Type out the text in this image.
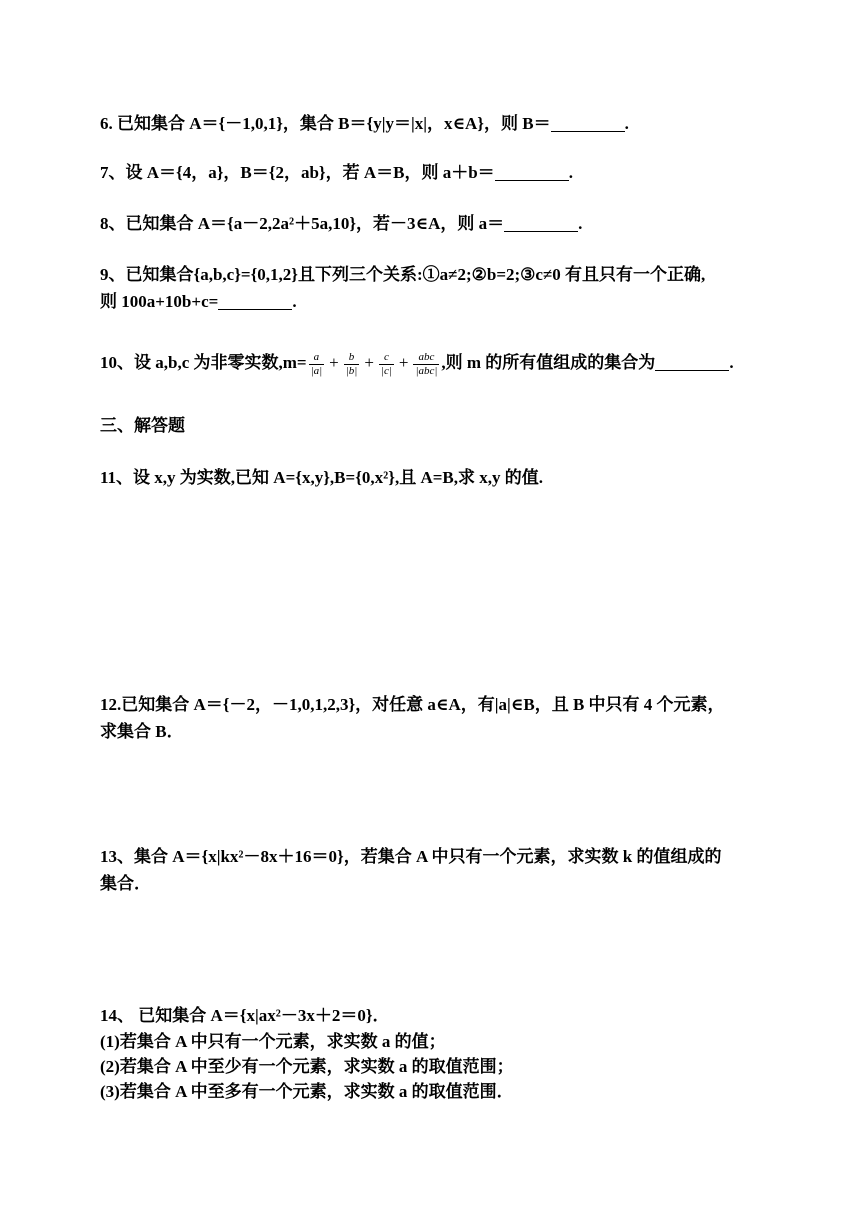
6. 已知集合 A＝{－1,0,1}，集合 B＝{y|y＝|x|，x∈A}，则 B＝	.
7、设 A＝{4，a}，B＝{2，ab}，若 A＝B，则 a＋b＝	.
8、已知集合 A＝{a－2,2a²＋5a,10}，若－3∈A，则 a＝	.
9、已知集合{a,b,c}={0,1,2}且下列三个关系:①a≠2;②b=2;③c≠0 有且只有一个正确,
则 100a+10b+c=	.
10、设 a,b,c 为非零实数$,m= \frac{a}{|a|} + \frac{b}{|b|} + \frac{c}{|c|} + \frac{\text{abc}}{\text{|abc|}}$ ,则 m 的所有值组成的集合为	.
三、解答题
11、设 x,y 为实数,已知 A={x,y},B={0,x²},且 A=B,求 x,y 的值.
12.已知集合 A＝{－2，－1,0,1,2,3}，对任意 a∈A，有|a|∈B，且 B 中只有 4 个元素，
求集合 B．
13、集合 A＝{x|kx²－8x＋16＝0}，若集合 A 中只有一个元素，求实数 k 的值组成的
集合．
14、 已知集合 A＝{x|ax²－3x＋2＝0}．
(1)若集合 A 中只有一个元素，求实数 a 的值；
(2)若集合 A 中至少有一个元素，求实数 a 的取值范围；
(3)若集合 A 中至多有一个元素，求实数 a 的取值范围．
